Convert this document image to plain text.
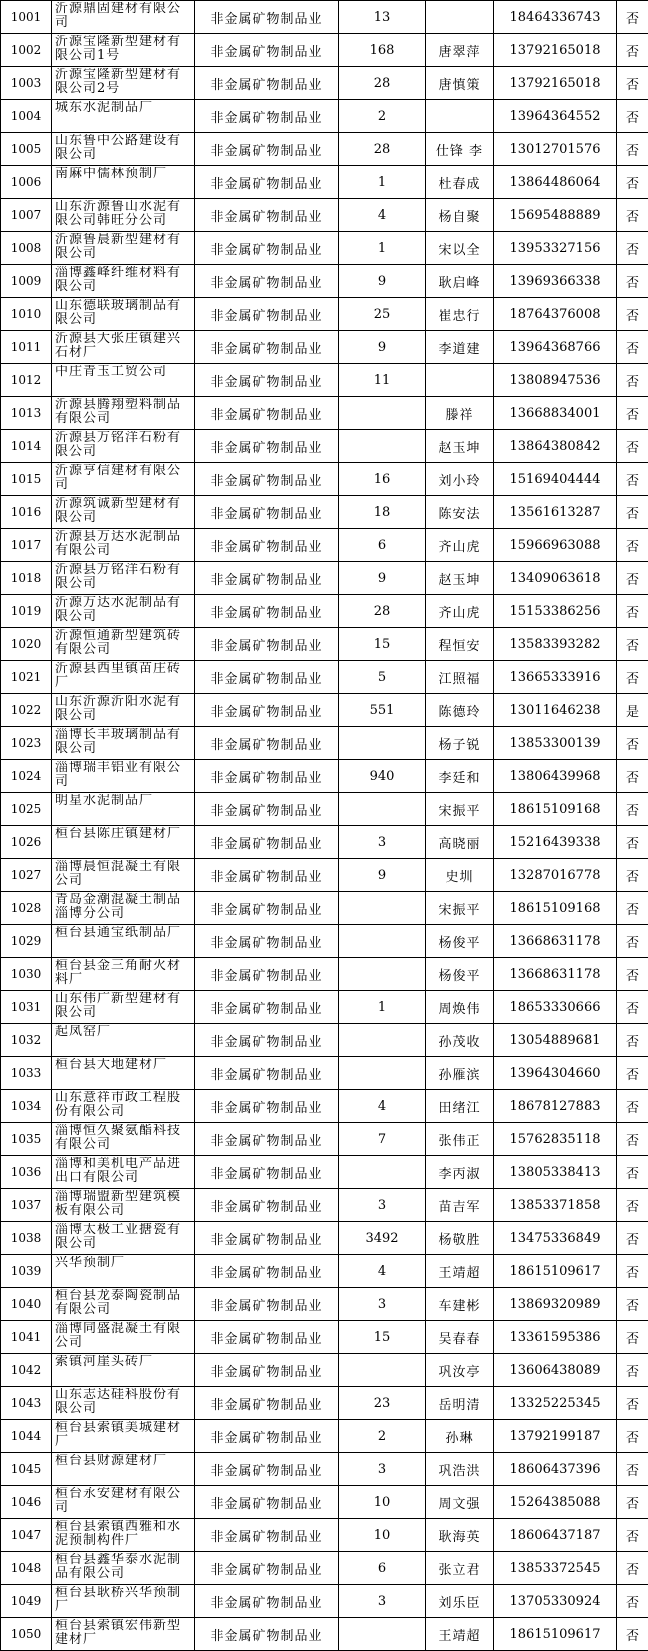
1001	沂源鼎固建材有限公司	非金属矿物制品业	13		18464336743	否
1002	沂源宝隆新型建材有限公司1号	非金属矿物制品业	168	唐翠萍	13792165018	否
1003	沂源宝隆新型建材有限公司2号	非金属矿物制品业	28	唐慎策	13792165018	否
1004	城东水泥制品厂	非金属矿物制品业	2		13964364552	否
1005	山东鲁中公路建设有限公司	非金属矿物制品业	28	仕锋 李	13012701576	否
1006	南麻中儒林预制厂	非金属矿物制品业	1	杜春成	13864486064	否
1007	山东沂源鲁山水泥有限公司韩旺分公司	非金属矿物制品业	4	杨自聚	15695488889	否
1008	沂源鲁晨新型建材有限公司	非金属矿物制品业	1	宋以全	13953327156	否
1009	淄博鑫峰纤维材料有限公司	非金属矿物制品业	9	耿启峰	13969366338	否
1010	山东德联玻璃制品有限公司	非金属矿物制品业	25	崔忠行	18764376008	否
1011	沂源县大张庄镇建兴石材厂	非金属矿物制品业	9	李道建	13964368766	否
1012	中庄青玉工贸公司	非金属矿物制品业	11		13808947536	否
1013	沂源县腾翔塑料制品有限公司	非金属矿物制品业		滕祥	13668834001	否
1014	沂源县万铭洋石粉有限公司	非金属矿物制品业		赵玉坤	13864380842	否
1015	沂源亨信建材有限公司	非金属矿物制品业	16	刘小玲	15169404444	否
1016	沂源筑诚新型建材有限公司	非金属矿物制品业	18	陈安法	13561613287	否
1017	沂源县万达水泥制品有限公司	非金属矿物制品业	6	齐山虎	15966963088	否
1018	沂源县万铭洋石粉有限公司	非金属矿物制品业	9	赵玉坤	13409063618	否
1019	沂源万达水泥制品有限公司	非金属矿物制品业	28	齐山虎	15153386256	否
1020	沂源恒通新型建筑砖有限公司	非金属矿物制品业	15	程恒安	13583393282	否
1021	沂源县西里镇苗庄砖厂	非金属矿物制品业	5	江照福	13665333916	否
1022	山东沂源沂阳水泥有限公司	非金属矿物制品业	551	陈德玲	13011646238	是
1023	淄博长丰玻璃制品有限公司	非金属矿物制品业		杨子锐	13853300139	否
1024	淄博瑞丰铝业有限公司	非金属矿物制品业	940	李廷和	13806439968	否
1025	明星水泥制品厂	非金属矿物制品业		宋振平	18615109168	否
1026	桓台县陈庄镇建材厂	非金属矿物制品业	3	高晓丽	15216439338	否
1027	淄博晨恒混凝土有限公司	非金属矿物制品业	9	史圳	13287016778	否
1028	青岛金潮混凝土制品淄博分公司	非金属矿物制品业		宋振平	18615109168	否
1029	桓台县通宝纸制品厂	非金属矿物制品业		杨俊平	13668631178	否
1030	桓台县金三角耐火材料厂	非金属矿物制品业		杨俊平	13668631178	否
1031	山东伟广新型建材有限公司	非金属矿物制品业	1	周焕伟	18653330666	否
1032	起凤窑厂	非金属矿物制品业		孙茂收	13054889681	否
1033	桓台县大地建材厂	非金属矿物制品业		孙雁滨	13964304660	否
1034	山东意祥市政工程股份有限公司	非金属矿物制品业	4	田绪江	18678127883	否
1035	淄博恒久聚氨酯科技有限公司	非金属矿物制品业	7	张伟正	15762835118	否
1036	淄博和美机电产品进出口有限公司	非金属矿物制品业		李丙淑	13805338413	否
1037	淄博瑞盟新型建筑模板有限公司	非金属矿物制品业	3	苗吉军	13853371858	否
1038	淄博太极工业搪瓷有限公司	非金属矿物制品业	3492	杨敬胜	13475336849	否
1039	兴华预制厂	非金属矿物制品业	4	王靖超	18615109617	否
1040	桓台县龙泰陶瓷制品有限公司	非金属矿物制品业	3	车建彬	13869320989	否
1041	淄博同盛混凝土有限公司	非金属矿物制品业	15	吴春春	13361595386	否
1042	索镇河崖头砖厂	非金属矿物制品业		巩汝亭	13606438089	否
1043	山东志达硅科股份有限公司	非金属矿物制品业	23	岳明清	13325225345	否
1044	桓台县索镇美城建材厂	非金属矿物制品业	2	孙琳	13792199187	否
1045	桓台县财源建材厂	非金属矿物制品业	3	巩浩洪	18606437396	否
1046	桓台永安建材有限公司	非金属矿物制品业	10	周文强	15264385088	否
1047	桓台县索镇西雅和水泥预制构件厂	非金属矿物制品业	10	耿海英	18606437187	否
1048	桓台县鑫华泰水泥制品有限公司	非金属矿物制品业	6	张立君	13853372545	否
1049	桓台县耿桥兴华预制厂	非金属矿物制品业	3	刘乐臣	13705330924	否
1050	桓台县索镇宏伟新型建材厂	非金属矿物制品业		王靖超	18615109617	否
